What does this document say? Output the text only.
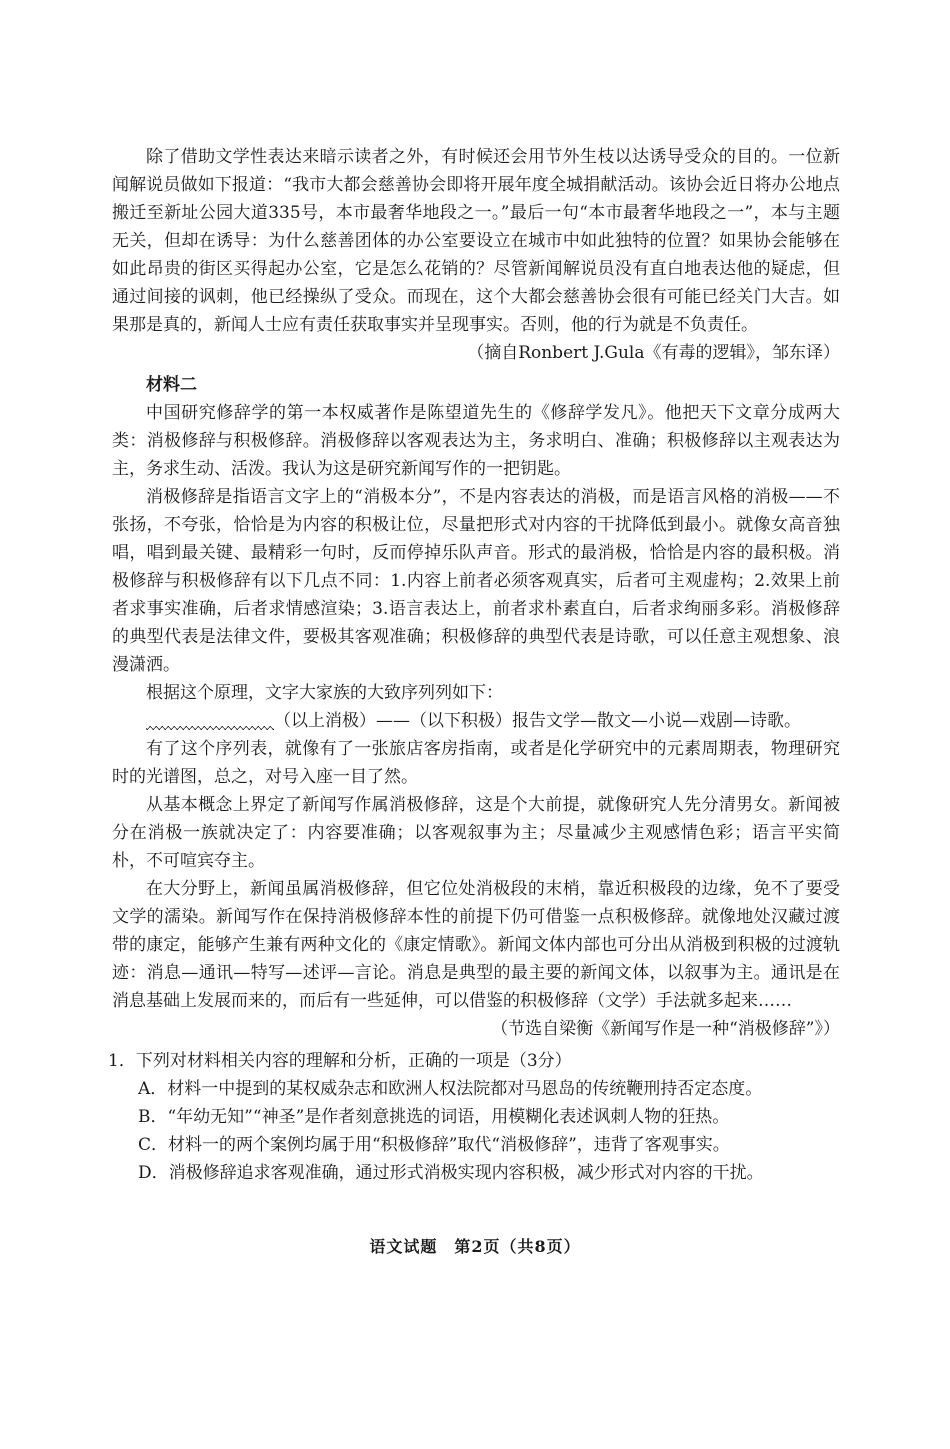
除了借助文学性表达来暗示读者之外，有时候还会用节外生枝以达诱导受众的目的。一位新闻解说员做如下报道：“我市大都会慈善协会即将开展年度全城捐献活动。该协会近日将办公地点搬迁至新址公园大道335号，本市最奢华地段之一。”最后一句“本市最奢华地段之一”，本与主题无关，但却在诱导：为什么慈善团体的办公室要设立在城市中如此独特的位置？如果协会能够在如此昂贵的街区买得起办公室，它是怎么花销的？尽管新闻解说员没有直白地表达他的疑虑，但通过间接的讽刺，他已经操纵了受众。而现在，这个大都会慈善协会很有可能已经关门大吉。如果那是真的，新闻人士应有责任获取事实并呈现事实。否则，他的行为就是不负责任。

（摘自Ronbert J.Gula《有毒的逻辑》，邹东译）

材料二

中国研究修辞学的第一本权威著作是陈望道先生的《修辞学发凡》。他把天下文章分成两大类：消极修辞与积极修辞。消极修辞以客观表达为主，务求明白、准确；积极修辞以主观表达为主，务求生动、活泼。我认为这是研究新闻写作的一把钥匙。

消极修辞是指语言文字上的“消极本分”，不是内容表达的消极，而是语言风格的消极——不张扬，不夸张，恰恰是为内容的积极让位，尽量把形式对内容的干扰降低到最小。就像女高音独唱，唱到最关键、最精彩一句时，反而停掉乐队声音。形式的最消极，恰恰是内容的最积极。消极修辞与积极修辞有以下几点不同：1.内容上前者必须客观真实，后者可主观虚构；2.效果上前者求事实准确，后者求情感渲染；3.语言表达上，前者求朴素直白，后者求绚丽多彩。消极修辞的典型代表是法律文件，要极其客观准确；积极修辞的典型代表是诗歌，可以任意主观想象、浪漫潇洒。

根据这个原理，文字大家族的大致序列列如下：

（以上消极）——（以下积极）报告文学—散文—小说—戏剧—诗歌。

有了这个序列表，就像有了一张旅店客房指南，或者是化学研究中的元素周期表，物理研究时的光谱图，总之，对号入座一目了然。

从基本概念上界定了新闻写作属消极修辞，这是个大前提，就像研究人先分清男女。新闻被分在消极一族就决定了：内容要准确；以客观叙事为主；尽量减少主观感情色彩；语言平实简朴，不可喧宾夺主。

在大分野上，新闻虽属消极修辞，但它位处消极段的末梢，靠近积极段的边缘，免不了要受文学的濡染。新闻写作在保持消极修辞本性的前提下仍可借鉴一点积极修辞。就像地处汉藏过渡带的康定，能够产生兼有两种文化的《康定情歌》。新闻文体内部也可分出从消极到积极的过渡轨迹：消息—通讯—特写—述评—言论。消息是典型的最主要的新闻文体，以叙事为主。通讯是在消息基础上发展而来的，而后有一些延伸，可以借鉴的积极修辞（文学）手法就多起来……

（节选自梁衡《新闻写作是一种“消极修辞”》）

1．下列对材料相关内容的理解和分析，正确的一项是（3分）

A．材料一中提到的某权威杂志和欧洲人权法院都对马恩岛的传统鞭刑持否定态度。

B．“年幼无知”“神圣”是作者刻意挑选的词语，用模糊化表述讽刺人物的狂热。

C．材料一的两个案例均属于用“积极修辞”取代“消极修辞”，违背了客观事实。

D．消极修辞追求客观准确，通过形式消极实现内容积极，减少形式对内容的干扰。

语文试题　第2页（共8页）
